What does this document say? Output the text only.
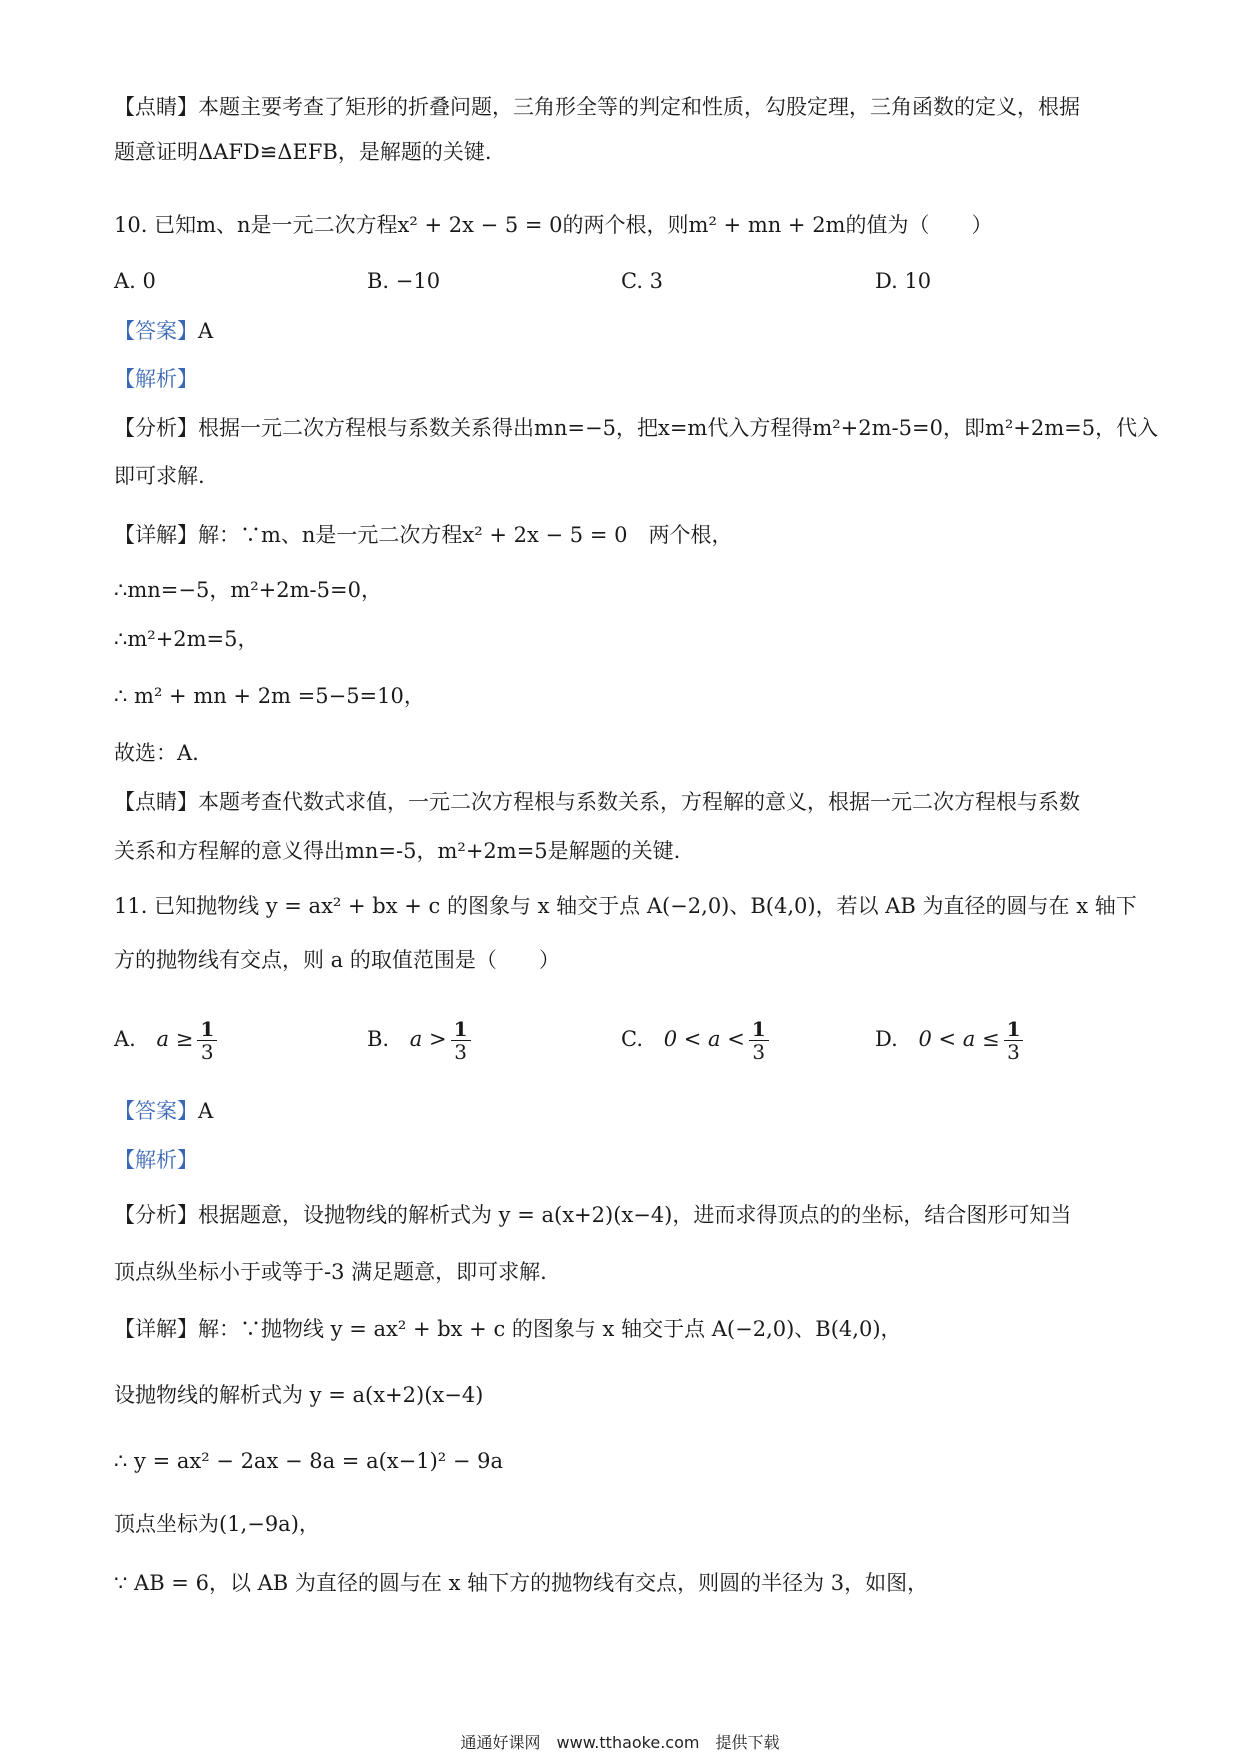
【点睛】本题主要考查了矩形的折叠问题，三角形全等的判定和性质，勾股定理，三角函数的定义，根据
题意证明ΔAFD≌ΔEFB，是解题的关键.
10. 已知m、n是一元二次方程x² + 2x − 5 = 0的两个根，则m² + mn + 2m的值为（　　）
A. 0	B. −10	C. 3	D. 10
【答案】A
【解析】
【分析】根据一元二次方程根与系数关系得出mn=−5，把x=m代入方程得m²+2m-5=0，即m²+2m=5，代入
即可求解.
【详解】解：∵m、n是一元二次方程x² + 2x − 5 = 0　两个根，
∴mn=−5，m²+2m-5=0，
∴m²+2m=5，
∴ m² + mn + 2m =5−5=10，
故选：A.
【点睛】本题考查代数式求值，一元二次方程根与系数关系，方程解的意义，根据一元二次方程根与系数
关系和方程解的意义得出mn=-5，m²+2m=5是解题的关键.
11. 已知抛物线 y = ax² + bx + c 的图象与 x 轴交于点 A(−2,0)、B(4,0)，若以 AB 为直径的圆与在 x 轴下
方的抛物线有交点，则 a 的取值范围是（　　）
A. $a \ge \frac{1}{3}$	B. $a > \frac{1}{3}$	C. $0 < a < \frac{1}{3}$	D. $0 < a \le \frac{1}{3}$
【答案】A
【解析】
【分析】根据题意，设抛物线的解析式为 y = a(x+2)(x−4)，进而求得顶点的的坐标，结合图形可知当
顶点纵坐标小于或等于-3 满足题意，即可求解.
【详解】解：∵抛物线 y = ax² + bx + c 的图象与 x 轴交于点 A(−2,0)、B(4,0)，
设抛物线的解析式为 y = a(x+2)(x−4)
∴ y = ax² − 2ax − 8a = a(x−1)² − 9a
顶点坐标为(1,−9a)，
∵ AB = 6，以 AB 为直径的圆与在 x 轴下方的抛物线有交点，则圆的半径为 3，如图，
通通好课网　www.tthaoke.com　提供下载
